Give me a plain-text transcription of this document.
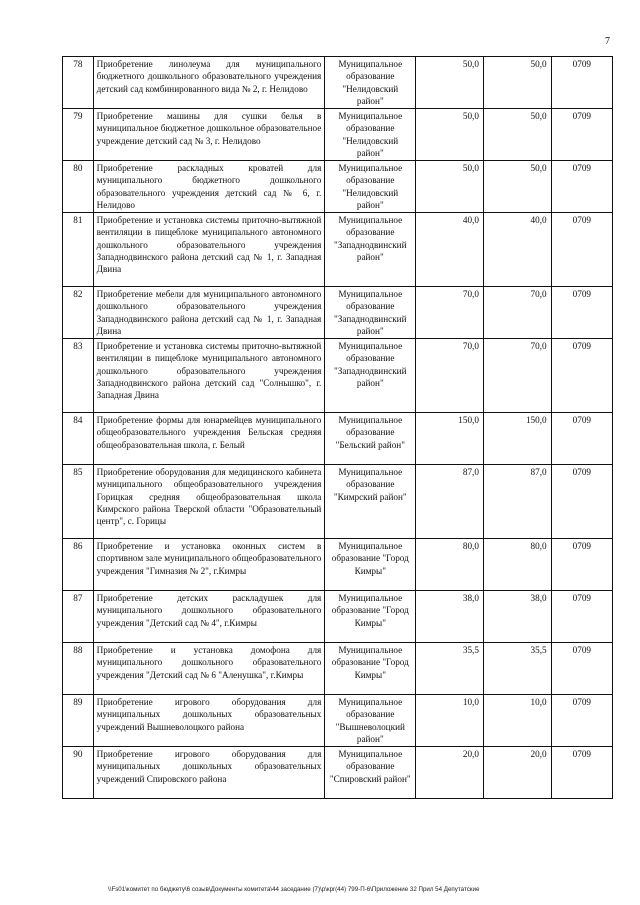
7
78	Приобретение линолеума для муниципального бюджетного дошкольного образовательного учреждения детский сад комбинированного вида № 2, г. Нелидово	Муниципальное образование "Нелидовский район"	50,0	50,0	0709
79	Приобретение машины для сушки белья в муниципальное бюджетное дошкольное образовательное учреждение детский сад № 3, г. Нелидово	Муниципальное образование "Нелидовский район"	50,0	50,0	0709
80	Приобретение раскладных кроватей для муниципального бюджетного дошкольного образовательного учреждения детский сад № 6, г. Нелидово	Муниципальное образование "Нелидовский район"	50,0	50,0	0709
81	Приобретение и установка системы приточно-вытяжной вентиляции в пищеблоке муниципального автономного дошкольного образовательного учреждения Западнодвинского района детский сад № 1, г. Западная Двина	Муниципальное образование "Западнодвинский район"	40,0	40,0	0709
82	Приобретение мебели для муниципального автономного дошкольного образовательного учреждения Западнодвинского района детский сад № 1, г. Западная Двина	Муниципальное образование "Западнодвинский район"	70,0	70,0	0709
83	Приобретение и установка системы приточно-вытяжной вентиляции в пищеблоке муниципального автономного дошкольного образовательного учреждения Западнодвинского района детский сад "Солнышко", г. Западная Двина	Муниципальное образование "Западнодвинский район"	70,0	70,0	0709
84	Приобретение формы для юнармейцев муниципального общеобразовательного учреждения Бельская средняя общеобразовательная школа, г. Белый	Муниципальное образование "Бельский район"	150,0	150,0	0709
85	Приобретение оборудования для медицинского кабинета муниципального общеобразовательного учреждения Горицкая средняя общеобразовательная школа Кимрского района Тверской области "Образовательный центр", с. Горицы	Муниципальное образование "Кимрский район"	87,0	87,0	0709
86	Приобретение и установка оконных систем в спортивном зале муниципального общеобразовательного учреждения "Гимназия № 2", г.Кимры	Муниципальное образование "Город Кимры"	80,0	80,0	0709
87	Приобретение детских раскладушек для муниципального дошкольного образовательного учреждения "Детский сад № 4", г.Кимры	Муниципальное образование "Город Кимры"	38,0	38,0	0709
88	Приобретение и установка домофона для муниципального дошкольного образовательного учреждения "Детский сад № 6 "Аленушка", г.Кимры	Муниципальное образование "Город Кимры"	35,5	35,5	0709
89	Приобретение игрового оборудования для муниципальных дошкольных образовательных учреждений Вышневолоцкого района	Муниципальное образование "Вышневолоцкий район"	10,0	10,0	0709
90	Приобретение игрового оборудования для муниципальных дошкольных образовательных учреждений Спировского района	Муниципальное образование "Спировский район"	20,0	20,0	0709
\\Fs01\комитет по бюджету\6 созыв\Документы комитета\44 заседание (7)\p\кpr(44) 799-П-6\Приложение 32 Прил 54 Депутатские
